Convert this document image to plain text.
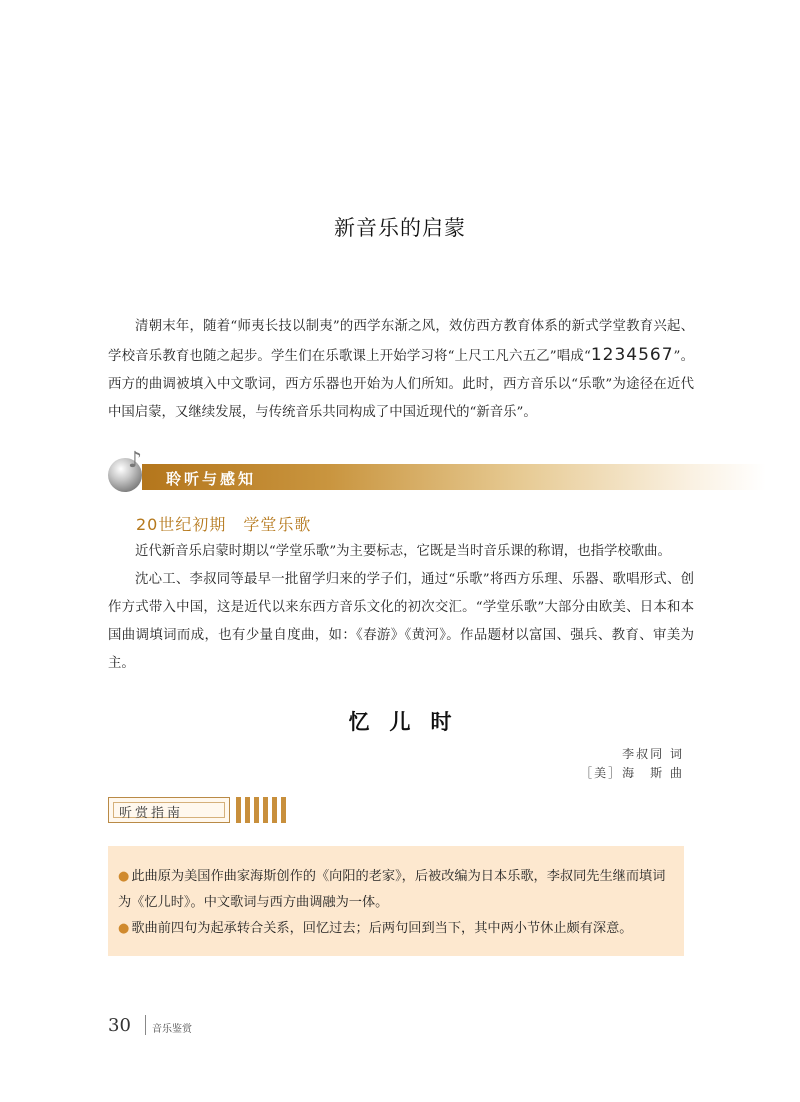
新音乐的启蒙

清朝末年，随着“师夷长技以制夷”的西学东渐之风，效仿西方教育体系的新式学堂教育兴起、学校音乐教育也随之起步。学生们在乐歌课上开始学习将“上尺工凡六五乙”唱成“1234567”。西方的曲调被填入中文歌词，西方乐器也开始为人们所知。此时，西方音乐以“乐歌”为途径在近代中国启蒙，又继续发展，与传统音乐共同构成了中国近现代的“新音乐”。

♪
聆听与感知
20世纪初期　学堂乐歌

近代新音乐启蒙时期以“学堂乐歌”为主要标志，它既是当时音乐课的称谓，也指学校歌曲。

沈心工、李叔同等最早一批留学归来的学子们，通过“乐歌”将西方乐理、乐器、歌唱形式、创作方式带入中国，这是近代以来东西方音乐文化的初次交汇。“学堂乐歌”大部分由欧美、日本和本国曲调填词而成，也有少量自度曲，如：《春游》《黄河》。作品题材以富国、强兵、教育、审美为主。

忆儿时
李叔同 词
［美］海　斯 曲
听赏指南

● 此曲原为美国作曲家海斯创作的《向阳的老家》，后被改编为日本乐歌，李叔同先生继而填词为《忆儿时》。中文歌词与西方曲调融为一体。

● 歌曲前四句为起承转合关系，回忆过去；后两句回到当下，其中两小节休止颇有深意。

30 音乐鉴赏
